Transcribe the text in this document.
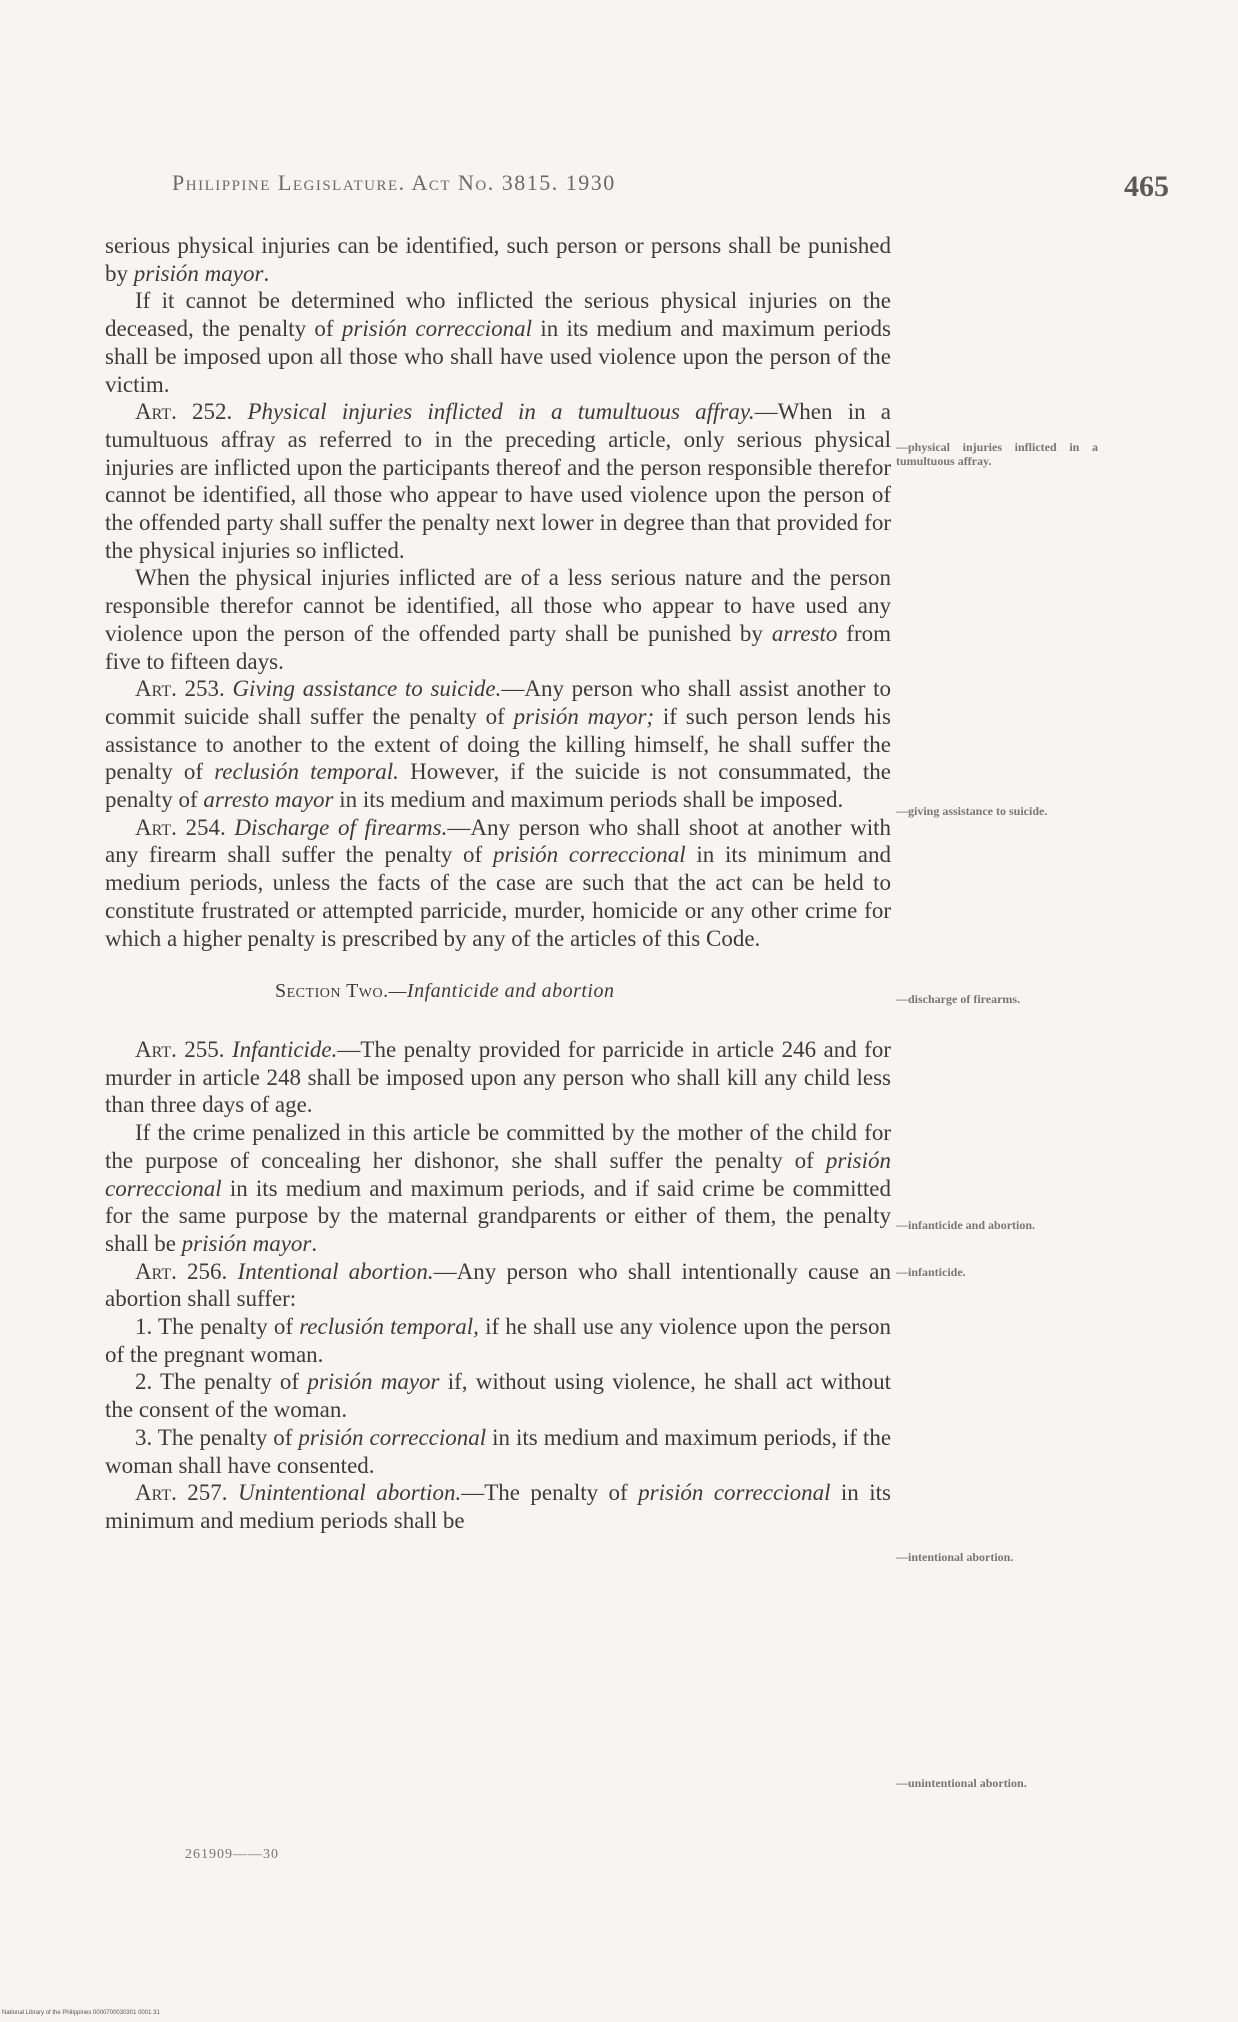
Philippine Legislature. Act No. 3815. 1930	465

serious physical injuries can be identified, such person or persons shall be punished by prisión mayor.

If it cannot be determined who inflicted the serious physical injuries on the deceased, the penalty of prisión correccional in its medium and maximum periods shall be imposed upon all those who shall have used violence upon the person of the victim.

Art. 252. Physical injuries inflicted in a tumultuous affray.—When in a tumultuous affray as referred to in the preceding article, only serious physical injuries are inflicted upon the participants thereof and the person responsible therefor cannot be identified, all those who appear to have used violence upon the person of the offended party shall suffer the penalty next lower in degree than that provided for the physical injuries so inflicted.

When the physical injuries inflicted are of a less serious nature and the person responsible therefor cannot be identified, all those who appear to have used any violence upon the person of the offended party shall be punished by arresto from five to fifteen days.

Art. 253. Giving assistance to suicide.—Any person who shall assist another to commit suicide shall suffer the penalty of prisión mayor; if such person lends his assistance to another to the extent of doing the killing himself, he shall suffer the penalty of reclusión temporal. However, if the suicide is not consummated, the penalty of arresto mayor in its medium and maximum periods shall be imposed.

Art. 254. Discharge of firearms.—Any person who shall shoot at another with any firearm shall suffer the penalty of prisión correccional in its minimum and medium periods, unless the facts of the case are such that the act can be held to constitute frustrated or attempted parricide, murder, homicide or any other crime for which a higher penalty is prescribed by any of the articles of this Code.

Section Two.—Infanticide and abortion

Art. 255. Infanticide.—The penalty provided for parricide in article 246 and for murder in article 248 shall be imposed upon any person who shall kill any child less than three days of age.

If the crime penalized in this article be committed by the mother of the child for the purpose of concealing her dishonor, she shall suffer the penalty of prisión correccional in its medium and maximum periods, and if said crime be committed for the same purpose by the maternal grandparents or either of them, the penalty shall be prisión mayor.

Art. 256. Intentional abortion.—Any person who shall intentionally cause an abortion shall suffer:

1. The penalty of reclusión temporal, if he shall use any violence upon the person of the pregnant woman.

2. The penalty of prisión mayor if, without using violence, he shall act without the consent of the woman.

3. The penalty of prisión correccional in its medium and maximum periods, if the woman shall have consented.

Art. 257. Unintentional abortion.—The penalty of prisión correccional in its minimum and medium periods shall be

—physical injuries inflicted in a tumultuous affray.
—giving assistance to suicide.
—discharge of firearms.
—infanticide and abortion.
—infanticide.
—intentional abortion.
—unintentional abortion.
261909——30
National Library of the Philippines 0000700030301 0001 31
